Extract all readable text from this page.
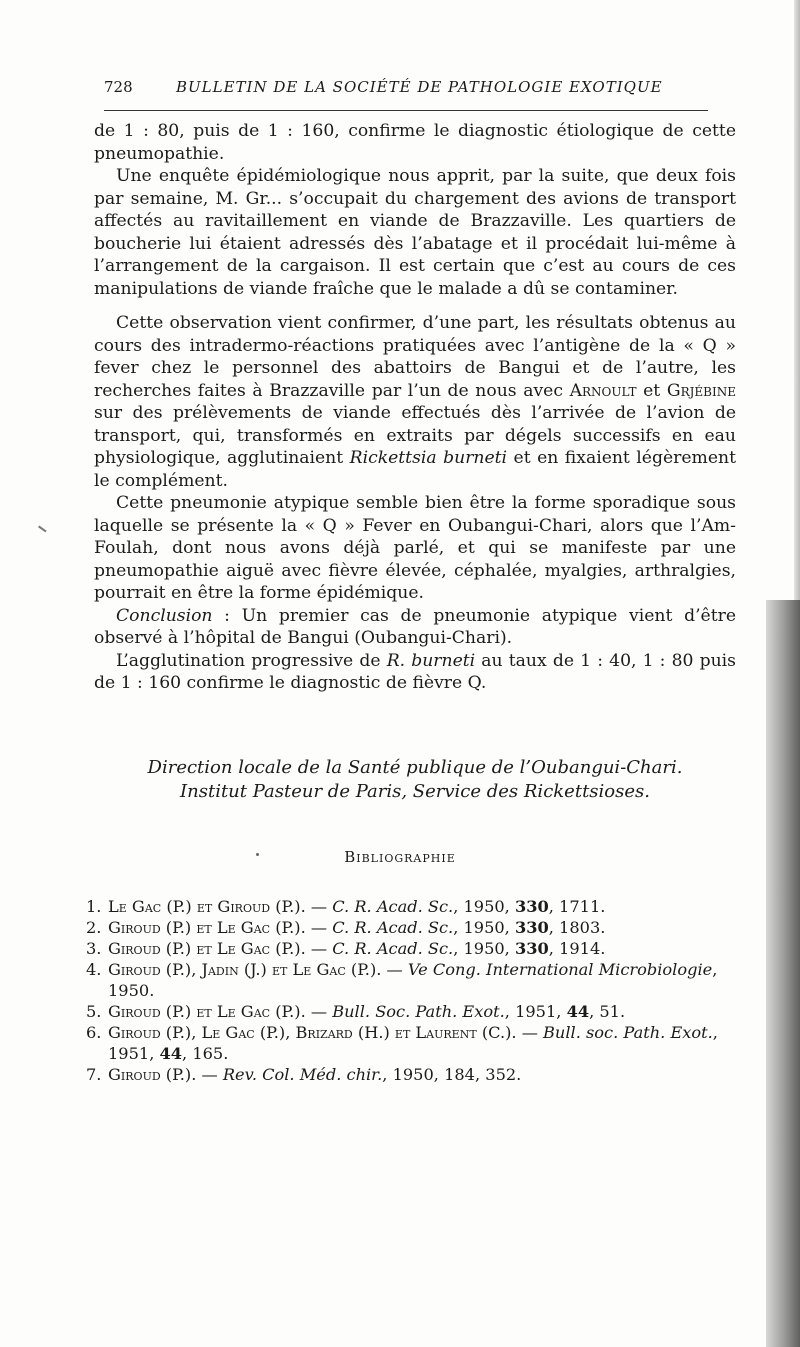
728	BULLETIN DE LA SOCIÉTÉ DE PATHOLOGIE EXOTIQUE

de 1 : 80, puis de 1 : 160, confirme le diagnostic étiologique de cette pneumopathie.

Une enquête épidémiologique nous apprit, par la suite, que deux fois par semaine, M. Gr... s’occupait du chargement des avions de transport affectés au ravitaillement en viande de Brazzaville. Les quartiers de boucherie lui étaient adressés dès l’abatage et il procédait lui-même à l’arrangement de la cargaison. Il est certain que c’est au cours de ces manipulations de viande fraîche que le malade a dû se contaminer.

Cette observation vient confirmer, d’une part, les résultats obtenus au cours des intradermo-réactions pratiquées avec l’antigène de la « Q » fever chez le personnel des abattoirs de Bangui et de l’autre, les recherches faites à Brazzaville par l’un de nous avec Arnoult et Grjébine sur des prélèvements de viande effectués dès l’arrivée de l’avion de transport, qui, transformés en extraits par dégels successifs en eau physiologique, agglutinaient Rickettsia burneti et en fixaient légèrement le complément.

Cette pneumonie atypique semble bien être la forme sporadique sous laquelle se présente la « Q » Fever en Oubangui-Chari, alors que l’Am-Foulah, dont nous avons déjà parlé, et qui se manifeste par une pneumopathie aiguë avec fièvre élevée, céphalée, myalgies, arthralgies, pourrait en être la forme épidémique.

Conclusion : Un premier cas de pneumonie atypique vient d’être observé à l’hôpital de Bangui (Oubangui-Chari).

L’agglutination progressive de R. burneti au taux de 1 : 40, 1 : 80 puis de 1 : 160 confirme le diagnostic de fièvre Q.

Direction locale de la Santé publique de l’Oubangui-Chari.
Institut Pasteur de Paris, Service des Rickettsioses.
Bibliographie
1. Le Gac (P.) et Giroud (P.). — C. R. Acad. Sc., 1950, 330, 1711.
2. Giroud (P.) et Le Gac (P.). — C. R. Acad. Sc., 1950, 330, 1803.
3. Giroud (P.) et Le Gac (P.). — C. R. Acad. Sc., 1950, 330, 1914.
4. Giroud (P.), Jadin (J.) et Le Gac (P.). — Ve Cong. International Microbiologie, 1950.
5. Giroud (P.) et Le Gac (P.). — Bull. Soc. Path. Exot., 1951, 44, 51.
6. Giroud (P.), Le Gac (P.), Brizard (H.) et Laurent (C.). — Bull. soc. Path. Exot., 1951, 44, 165.
7. Giroud (P.). — Rev. Col. Méd. chir., 1950, 184, 352.
